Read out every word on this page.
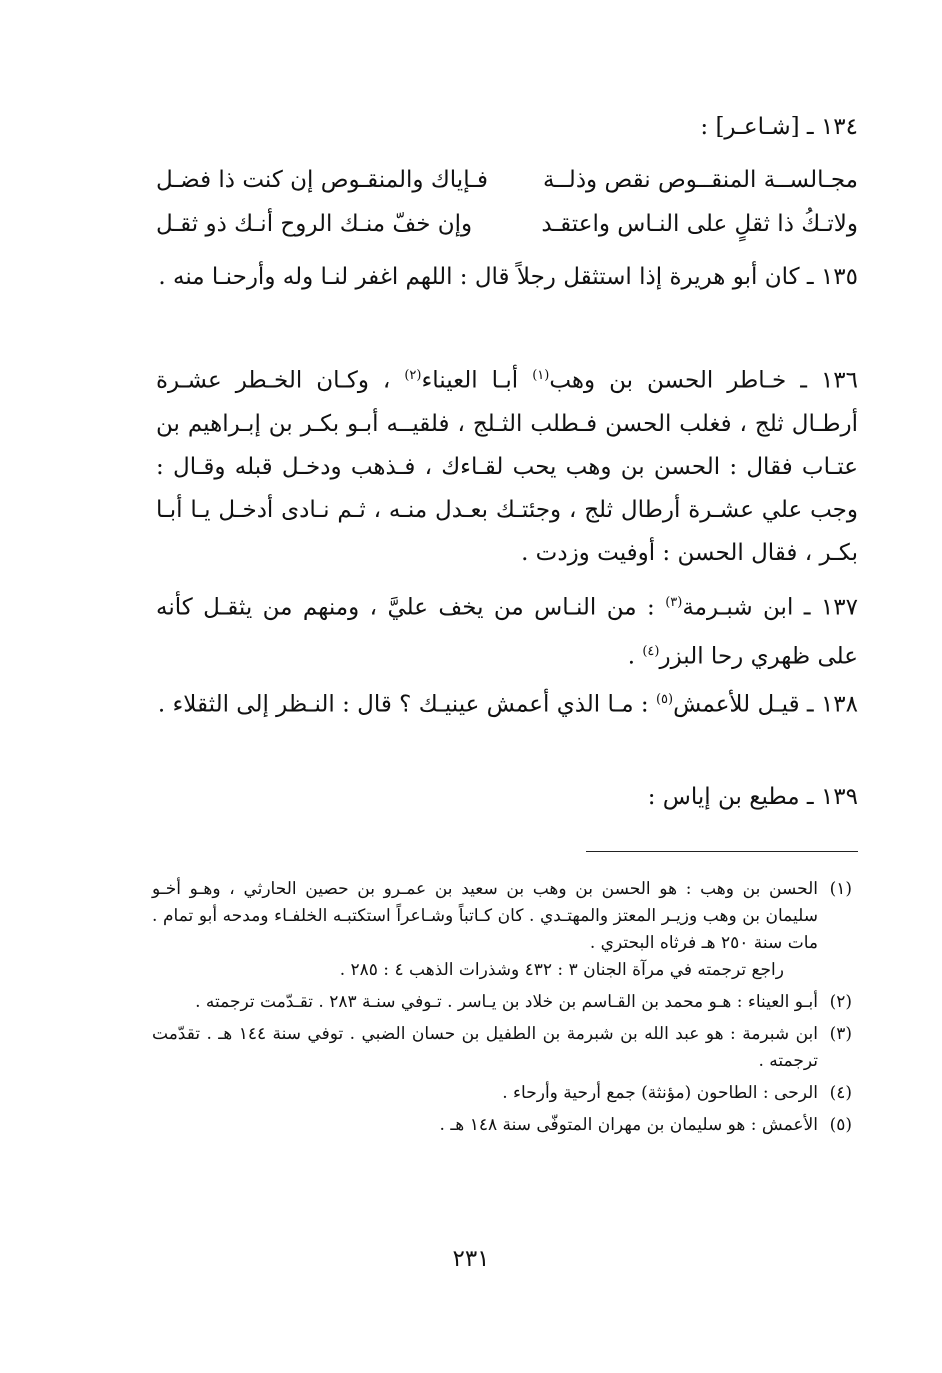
١٣٤ ـ [شـاعـر] :
مجـالســة المنقــوص نقص وذلــة
فـإياك والمنقـوص إن كنت ذا فضـل
ولاتـكُ ذا ثقلٍ على النـاس واعتقـد
وإن خفّ منـك الروح أنـك ذو ثقـل
١٣٥ ـ كان أبو هريرة إذا استثقل رجلاً قال : اللهم اغفر لنـا وله وأرحنـا منه .
١٣٦ ـ خـاطر الحسن بن وهب$^{(١)}$ أبـا العيناء$^{(٢)}$ ، وكـان الخـطر عشـرة أرطـال ثلج ، فغلب الحسن فـطلب الثـلج ، فلقيــه أبـو بكـر بن إبـراهيم بن عتـاب فقال : الحسن بن وهب يحب لقـاءك ، فـذهب ودخـل قبله وقـال : وجب علي عشـرة أرطال ثلج ، وجئتـك بعـدل منـه ، ثـم نـادى أدخـل يـا أبـا بكـر ، فقال الحسن : أوفيت وزدت .
١٣٧ ـ ابن شبـرمة$^{(٣)}$ : من النـاس من يخف عليَّ ، ومنهم من يثقـل كأنه على ظهري رحا البزر$^{(٤)}$ .
١٣٨ ـ قيـل للأعمش$^{(٥)}$ : مـا الذي أعمش عينيـك ؟ قال : النـظر إلى الثقلاء .
١٣٩ ـ مطيع بن إياس :
(١)
الحسن بن وهب : هو الحسن بن وهب بن سعيد بن عمـرو بن حصين الحارثي ، وهـو أخـو سليمان بن وهب وزيـر المعتز والمهتـدي . كان كـاتباً وشـاعراً استكتبـه الخلفـاء ومدحه أبو تمام . مات سنة ٢٥٠ هـ فرثاه البحتري .
راجع ترجمته في مرآة الجنان ٣ : ٤٣٢ وشذرات الذهب ٤ : ٢٨٥ .
(٢)
أبـو العيناء : هـو محمد بن القـاسم بن خلاد بن يـاسر . تـوفي سنـة ٢٨٣ . تقـدّمت ترجمته .
(٣)
ابن شبرمة : هو عبد الله بن شبرمة بن الطفيل بن حسان الضبي . توفي سنة ١٤٤ هـ . تقدّمت ترجمته .
(٤)
الرحى : الطاحون (مؤنثة) جمع أرحية وأرحاء .
(٥)
الأعمش : هو سليمان بن مهران المتوفّى سنة ١٤٨ هـ .
٢٣١
